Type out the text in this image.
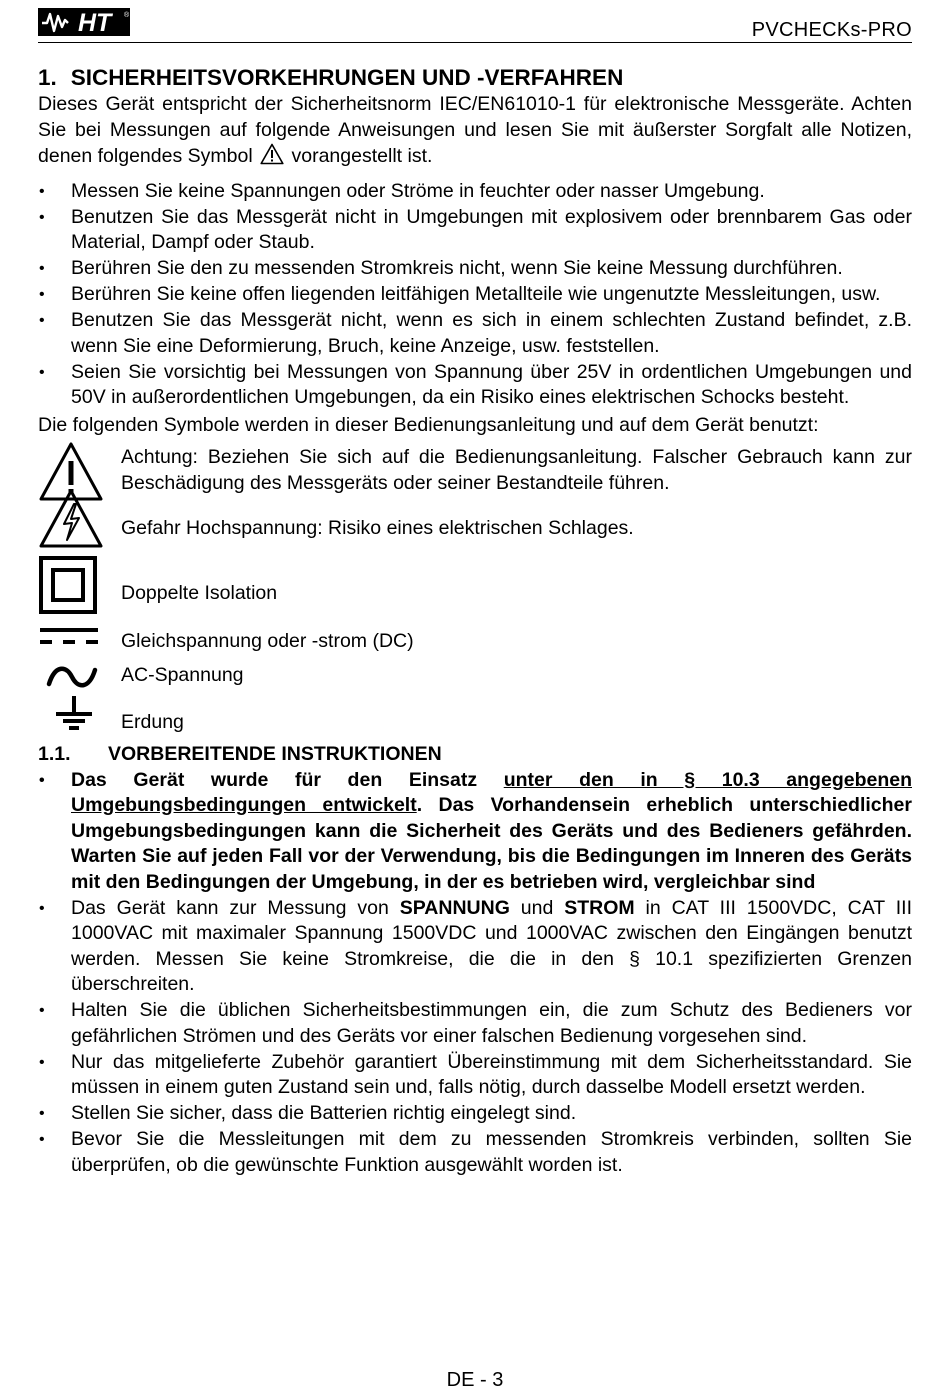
HT	®
PVCHECKs-PRO
1. SICHERHEITSVORKEHRUNGEN UND -VERFAHREN

Dieses Gerät entspricht der Sicherheitsnorm IEC/EN61010-1 für elektronische Messgeräte. Achten Sie bei Messungen auf folgende Anweisungen und lesen Sie mit äußerster Sorgfalt alle Notizen, denen folgendes Symbol vorangestellt ist.

• Messen Sie keine Spannungen oder Ströme in feuchter oder nasser Umgebung.
• Benutzen Sie das Messgerät nicht in Umgebungen mit explosivem oder brennbarem Gas oder Material, Dampf oder Staub.
• Berühren Sie den zu messenden Stromkreis nicht, wenn Sie keine Messung durchführen.
• Berühren Sie keine offen liegenden leitfähigen Metallteile wie ungenutzte Messleitungen, usw.
• Benutzen Sie das Messgerät nicht, wenn es sich in einem schlechten Zustand befindet, z.B. wenn Sie eine Deformierung, Bruch, keine Anzeige, usw. feststellen.
• Seien Sie vorsichtig bei Messungen von Spannung über 25V in ordentlichen Umgebungen und 50V in außerordentlichen Umgebungen, da ein Risiko eines elektrischen Schocks besteht.
Die folgenden Symbole werden in dieser Bedienungsanleitung und auf dem Gerät benutzt:
Achtung: Beziehen Sie sich auf die Bedienungsanleitung. Falscher Gebrauch kann zur Beschädigung des Messgeräts oder seiner Bestandteile führen.
Gefahr Hochspannung: Risiko eines elektrischen Schlages.
Doppelte Isolation
Gleichspannung oder -strom (DC)
AC-Spannung
Erdung
1.1. VORBEREITENDE INSTRUKTIONEN
• Das Gerät wurde für den Einsatz unter den in § 10.3 angegebenen Umgebungsbedingungen entwickelt. Das Vorhandensein erheblich unterschiedlicher Umgebungsbedingungen kann die Sicherheit des Geräts und des Bedieners gefährden. Warten Sie auf jeden Fall vor der Verwendung, bis die Bedingungen im Inneren des Geräts mit den Bedingungen der Umgebung, in der es betrieben wird, vergleichbar sind
• Das Gerät kann zur Messung von SPANNUNG und STROM in CAT III 1500VDC, CAT III 1000VAC mit maximaler Spannung 1500VDC und 1000VAC zwischen den Eingängen benutzt werden. Messen Sie keine Stromkreise, die die in den § 10.1 spezifizierten Grenzen überschreiten.
• Halten Sie die üblichen Sicherheitsbestimmungen ein, die zum Schutz des Bedieners vor gefährlichen Strömen und des Geräts vor einer falschen Bedienung vorgesehen sind.
• Nur das mitgelieferte Zubehör garantiert Übereinstimmung mit dem Sicherheitsstandard. Sie müssen in einem guten Zustand sein und, falls nötig, durch dasselbe Modell ersetzt werden.
• Stellen Sie sicher, dass die Batterien richtig eingelegt sind.
• Bevor Sie die Messleitungen mit dem zu messenden Stromkreis verbinden, sollten Sie überprüfen, ob die gewünschte Funktion ausgewählt worden ist.
DE - 3
